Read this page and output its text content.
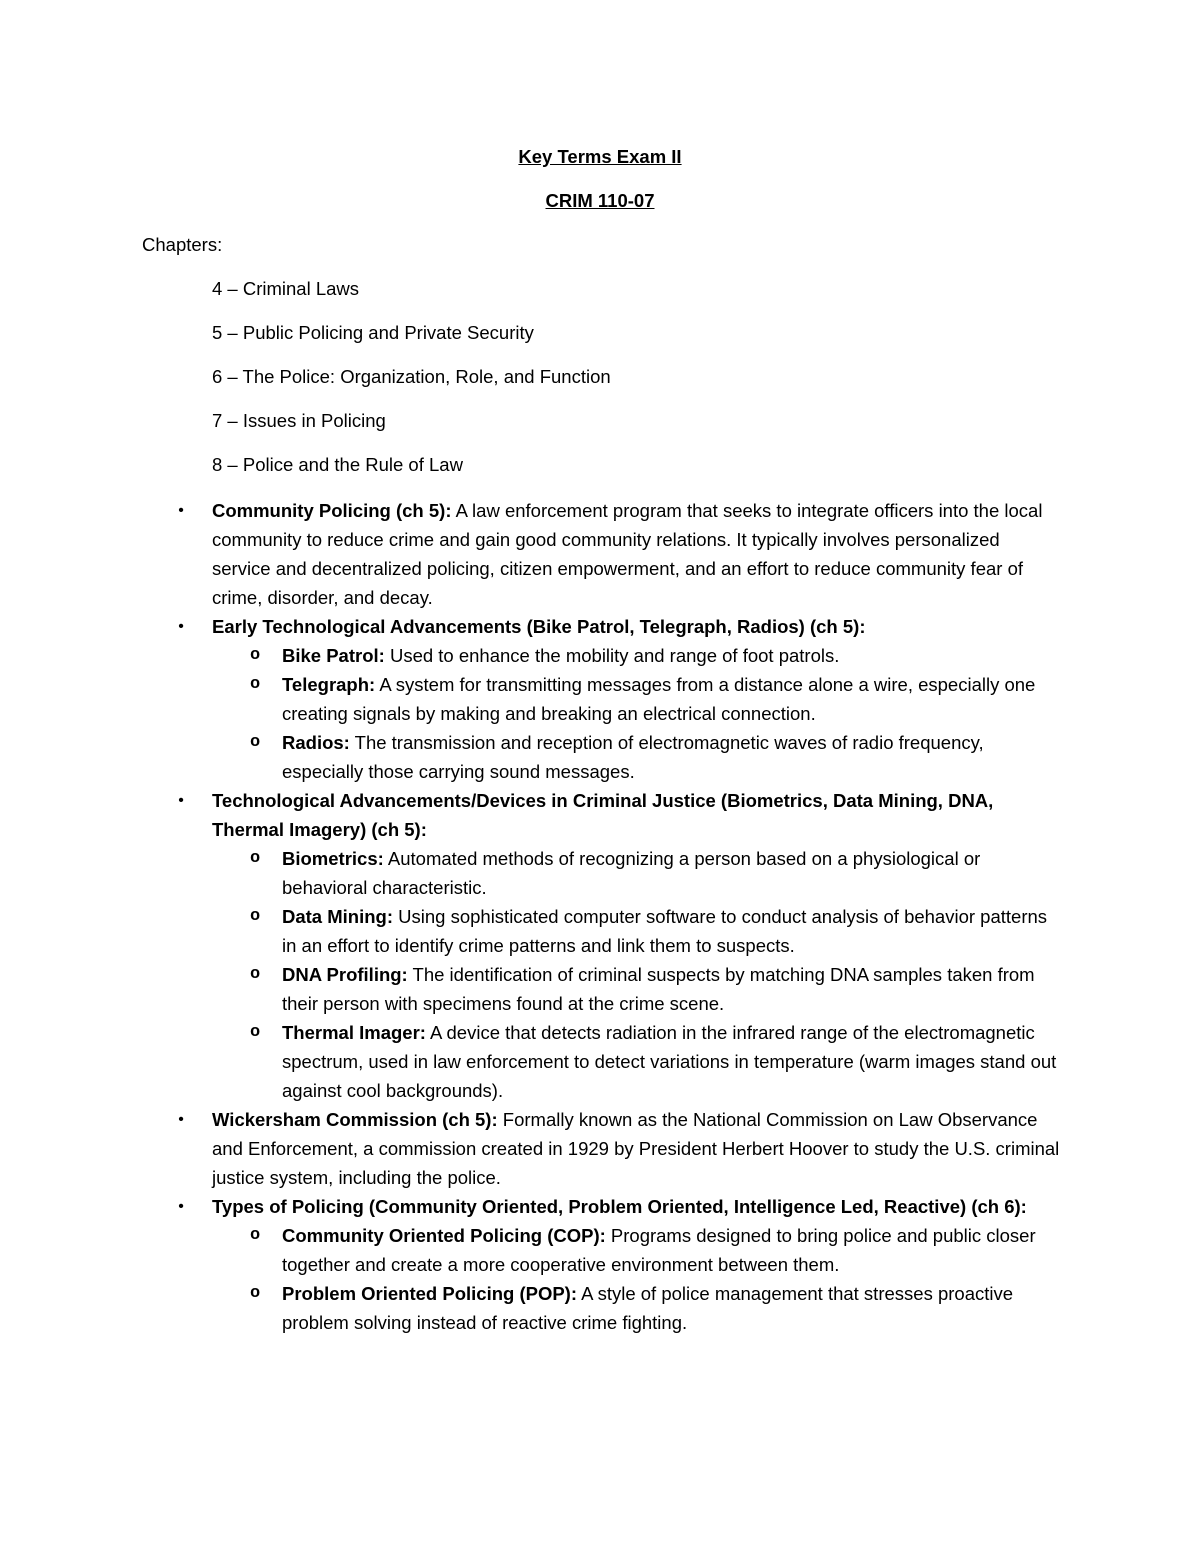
Key Terms Exam II
CRIM 110-07
Chapters:
4 – Criminal Laws
5 – Public Policing and Private Security
6 – The Police: Organization, Role, and Function
7 – Issues in Policing
8 – Police and the Rule of Law
• Community Policing (ch 5): A law enforcement program that seeks to integrate officers into the local community to reduce crime and gain good community relations. It typically involves personalized service and decentralized policing, citizen empowerment, and an effort to reduce community fear of crime, disorder, and decay.
• Early Technological Advancements (Bike Patrol, Telegraph, Radios) (ch 5):
o Bike Patrol: Used to enhance the mobility and range of foot patrols.
o Telegraph: A system for transmitting messages from a distance alone a wire, especially one creating signals by making and breaking an electrical connection.
o Radios: The transmission and reception of electromagnetic waves of radio frequency, especially those carrying sound messages.
• Technological Advancements/Devices in Criminal Justice (Biometrics, Data Mining, DNA, Thermal Imagery) (ch 5):
o Biometrics: Automated methods of recognizing a person based on a physiological or behavioral characteristic.
o Data Mining: Using sophisticated computer software to conduct analysis of behavior patterns in an effort to identify crime patterns and link them to suspects.
o DNA Profiling: The identification of criminal suspects by matching DNA samples taken from their person with specimens found at the crime scene.
o Thermal Imager: A device that detects radiation in the infrared range of the electromagnetic spectrum, used in law enforcement to detect variations in temperature (warm images stand out against cool backgrounds).
• Wickersham Commission (ch 5): Formally known as the National Commission on Law Observance and Enforcement, a commission created in 1929 by President Herbert Hoover to study the U.S. criminal justice system, including the police.
• Types of Policing (Community Oriented, Problem Oriented, Intelligence Led, Reactive) (ch 6):
o Community Oriented Policing (COP): Programs designed to bring police and public closer together and create a more cooperative environment between them.
o Problem Oriented Policing (POP): A style of police management that stresses proactive problem solving instead of reactive crime fighting.
